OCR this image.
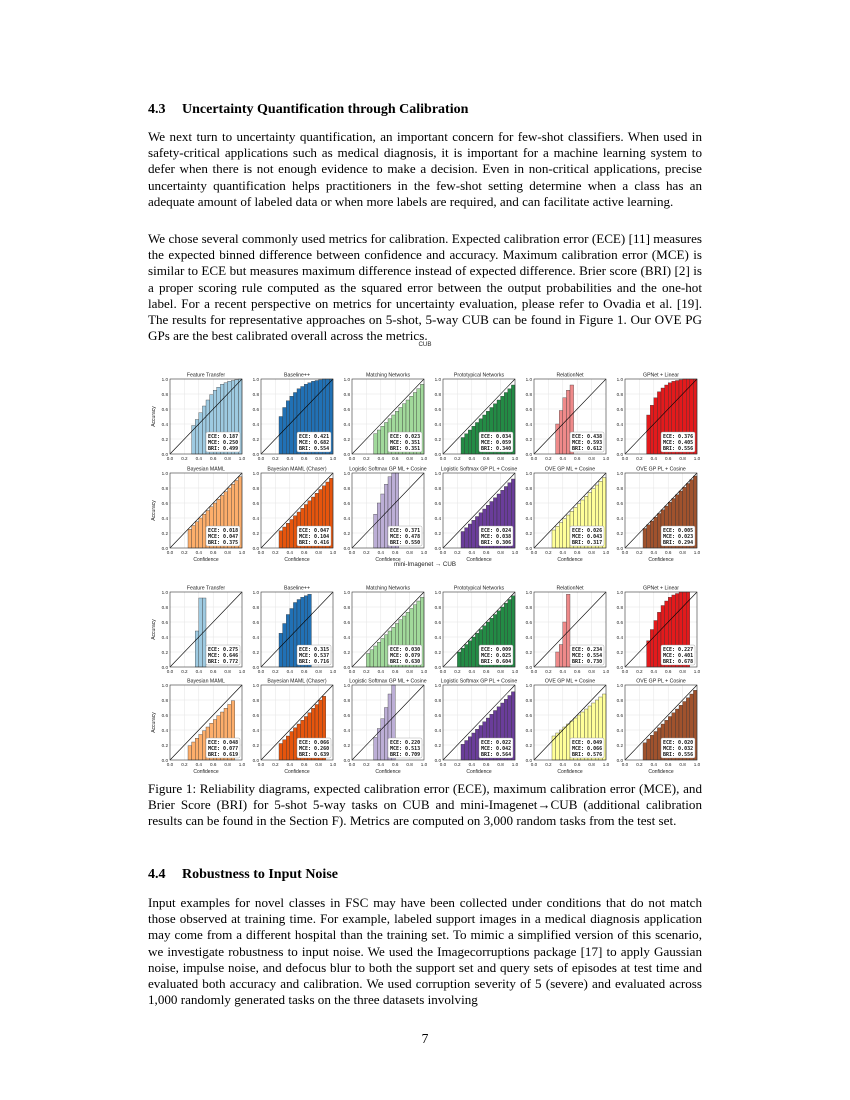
4.3 Uncertainty Quantification through Calibration

We next turn to uncertainty quantification, an important concern for few-shot classifiers. When used in safety-critical applications such as medical diagnosis, it is important for a machine learning system to defer when there is not enough evidence to make a decision. Even in non-critical applications, precise uncertainty quantification helps practitioners in the few-shot setting determine when a class has an adequate amount of labeled data or when more labels are required, and can facilitate active learning.

We chose several commonly used metrics for calibration. Expected calibration error (ECE) [11] measures the expected binned difference between confidence and accuracy. Maximum calibration error (MCE) is similar to ECE but measures maximum difference instead of expected difference. Brier score (BRI) [2] is a proper scoring rule computed as the squared error between the output probabilities and the one-hot label. For a recent perspective on metrics for uncertainty evaluation, please refer to Ovadia et al. [19]. The results for representative approaches on 5-shot, 5-way CUB can be found in Figure 1. Our OVE PG GPs are the best calibrated overall across the metrics.

CUB
Feature Transfer
0.0
0.2
0.4
0.6
0.8
1.0
0.0 0.2 0.4 0.6 0.8 1.0
Accuracy
ECE: 0.187
MCE: 0.250
BRI: 0.499
Baseline++
0.0
0.2
0.4
0.6
0.8
1.0
0.0 0.2 0.4 0.6 0.8 1.0
ECE: 0.421
MCE: 0.682
BRI: 0.554
Matching Networks
0.0
0.2
0.4
0.6
0.8
1.0
0.0 0.2 0.4 0.6 0.8 1.0
ECE: 0.023
MCE: 0.351
BRI: 0.351
Prototypical Networks
0.0
0.2
0.4
0.6
0.8
1.0
0.0 0.2 0.4 0.6 0.8 1.0
ECE: 0.034
MCE: 0.059
BRI: 0.340
RelationNet
0.0
0.2
0.4
0.6
0.8
1.0
0.0 0.2 0.4 0.6 0.8 1.0
ECE: 0.438
MCE: 0.593
BRI: 0.612
GPNet + Linear
0.0
0.2
0.4
0.6
0.8
1.0
0.0 0.2 0.4 0.6 0.8 1.0
ECE: 0.376
MCE: 0.405
BRI: 0.556
Bayesian MAML
0.0
0.2
0.4
0.6
0.8
1.0
0.0 0.2 0.4 0.6 0.8 1.0
Confidence
Accuracy
ECE: 0.018
MCE: 0.047
BRI: 0.375
Bayesian MAML (Chaser)
0.0
0.2
0.4
0.6
0.8
1.0
0.0 0.2 0.4 0.6 0.8 1.0
Confidence
ECE: 0.047
MCE: 0.104
BRI: 0.416
Logistic Softmax GP ML + Cosine
0.0
0.2
0.4
0.6
0.8
1.0
0.0 0.2 0.4 0.6 0.8 1.0
Confidence
ECE: 0.371
MCE: 0.478
BRI: 0.550
Logistic Softmax GP PL + Cosine
0.0
0.2
0.4
0.6
0.8
1.0
0.0 0.2 0.4 0.6 0.8 1.0
Confidence
ECE: 0.024
MCE: 0.038
BRI: 0.306
OVE GP ML + Cosine
0.0
0.2
0.4
0.6
0.8
1.0
0.0 0.2 0.4 0.6 0.8 1.0
Confidence
ECE: 0.026
MCE: 0.043
BRI: 0.317
OVE GP PL + Cosine
0.0
0.2
0.4
0.6
0.8
1.0
0.0 0.2 0.4 0.6 0.8 1.0
Confidence
ECE: 0.005
MCE: 0.023
BRI: 0.294
mini-Imagenet → CUB
Feature Transfer
0.0
0.2
0.4
0.6
0.8
1.0
0.0 0.2 0.4 0.6 0.8 1.0
Accuracy
ECE: 0.275
MCE: 0.646
BRI: 0.772
Baseline++
0.0
0.2
0.4
0.6
0.8
1.0
0.0 0.2 0.4 0.6 0.8 1.0
ECE: 0.315
MCE: 0.537
BRI: 0.716
Matching Networks
0.0
0.2
0.4
0.6
0.8
1.0
0.0 0.2 0.4 0.6 0.8 1.0
ECE: 0.030
MCE: 0.079
BRI: 0.630
Prototypical Networks
0.0
0.2
0.4
0.6
0.8
1.0
0.0 0.2 0.4 0.6 0.8 1.0
ECE: 0.009
MCE: 0.025
BRI: 0.604
RelationNet
0.0
0.2
0.4
0.6
0.8
1.0
0.0 0.2 0.4 0.6 0.8 1.0
ECE: 0.234
MCE: 0.554
BRI: 0.730
GPNet + Linear
0.0
0.2
0.4
0.6
0.8
1.0
0.0 0.2 0.4 0.6 0.8 1.0
ECE: 0.227
MCE: 0.401
BRI: 0.678
Bayesian MAML
0.0
0.2
0.4
0.6
0.8
1.0
0.0 0.2 0.4 0.6 0.8 1.0
Confidence
Accuracy
ECE: 0.048
MCE: 0.077
BRI: 0.619
Bayesian MAML (Chaser)
0.0
0.2
0.4
0.6
0.8
1.0
0.0 0.2 0.4 0.6 0.8 1.0
Confidence
ECE: 0.066
MCE: 0.260
BRI: 0.639
Logistic Softmax GP ML + Cosine
0.0
0.2
0.4
0.6
0.8
1.0
0.0 0.2 0.4 0.6 0.8 1.0
Confidence
ECE: 0.220
MCE: 0.513
BRI: 0.709
Logistic Softmax GP PL + Cosine
0.0
0.2
0.4
0.6
0.8
1.0
0.0 0.2 0.4 0.6 0.8 1.0
Confidence
ECE: 0.022
MCE: 0.042
BRI: 0.564
OVE GP ML + Cosine
0.0
0.2
0.4
0.6
0.8
1.0
0.0 0.2 0.4 0.6 0.8 1.0
Confidence
ECE: 0.049
MCE: 0.066
BRI: 0.576
OVE GP PL + Cosine
0.0
0.2
0.4
0.6
0.8
1.0
0.0 0.2 0.4 0.6 0.8 1.0
Confidence
ECE: 0.020
MCE: 0.032
BRI: 0.556

Figure 1: Reliability diagrams, expected calibration error (ECE), maximum calibration error (MCE), and Brier Score (BRI) for 5-shot 5-way tasks on CUB and mini-Imagenet→CUB (additional calibration results can be found in the Section F). Metrics are computed on 3,000 random tasks from the test set.

4.4 Robustness to Input Noise

Input examples for novel classes in FSC may have been collected under conditions that do not match those observed at training time. For example, labeled support images in a medical diagnosis application may come from a different hospital than the training set. To mimic a simplified version of this scenario, we investigate robustness to input noise. We used the Imagecorruptions package [17] to apply Gaussian noise, impulse noise, and defocus blur to both the support set and query sets of episodes at test time and evaluated both accuracy and calibration. We used corruption severity of 5 (severe) and evaluated across 1,000 randomly generated tasks on the three datasets involving

7
